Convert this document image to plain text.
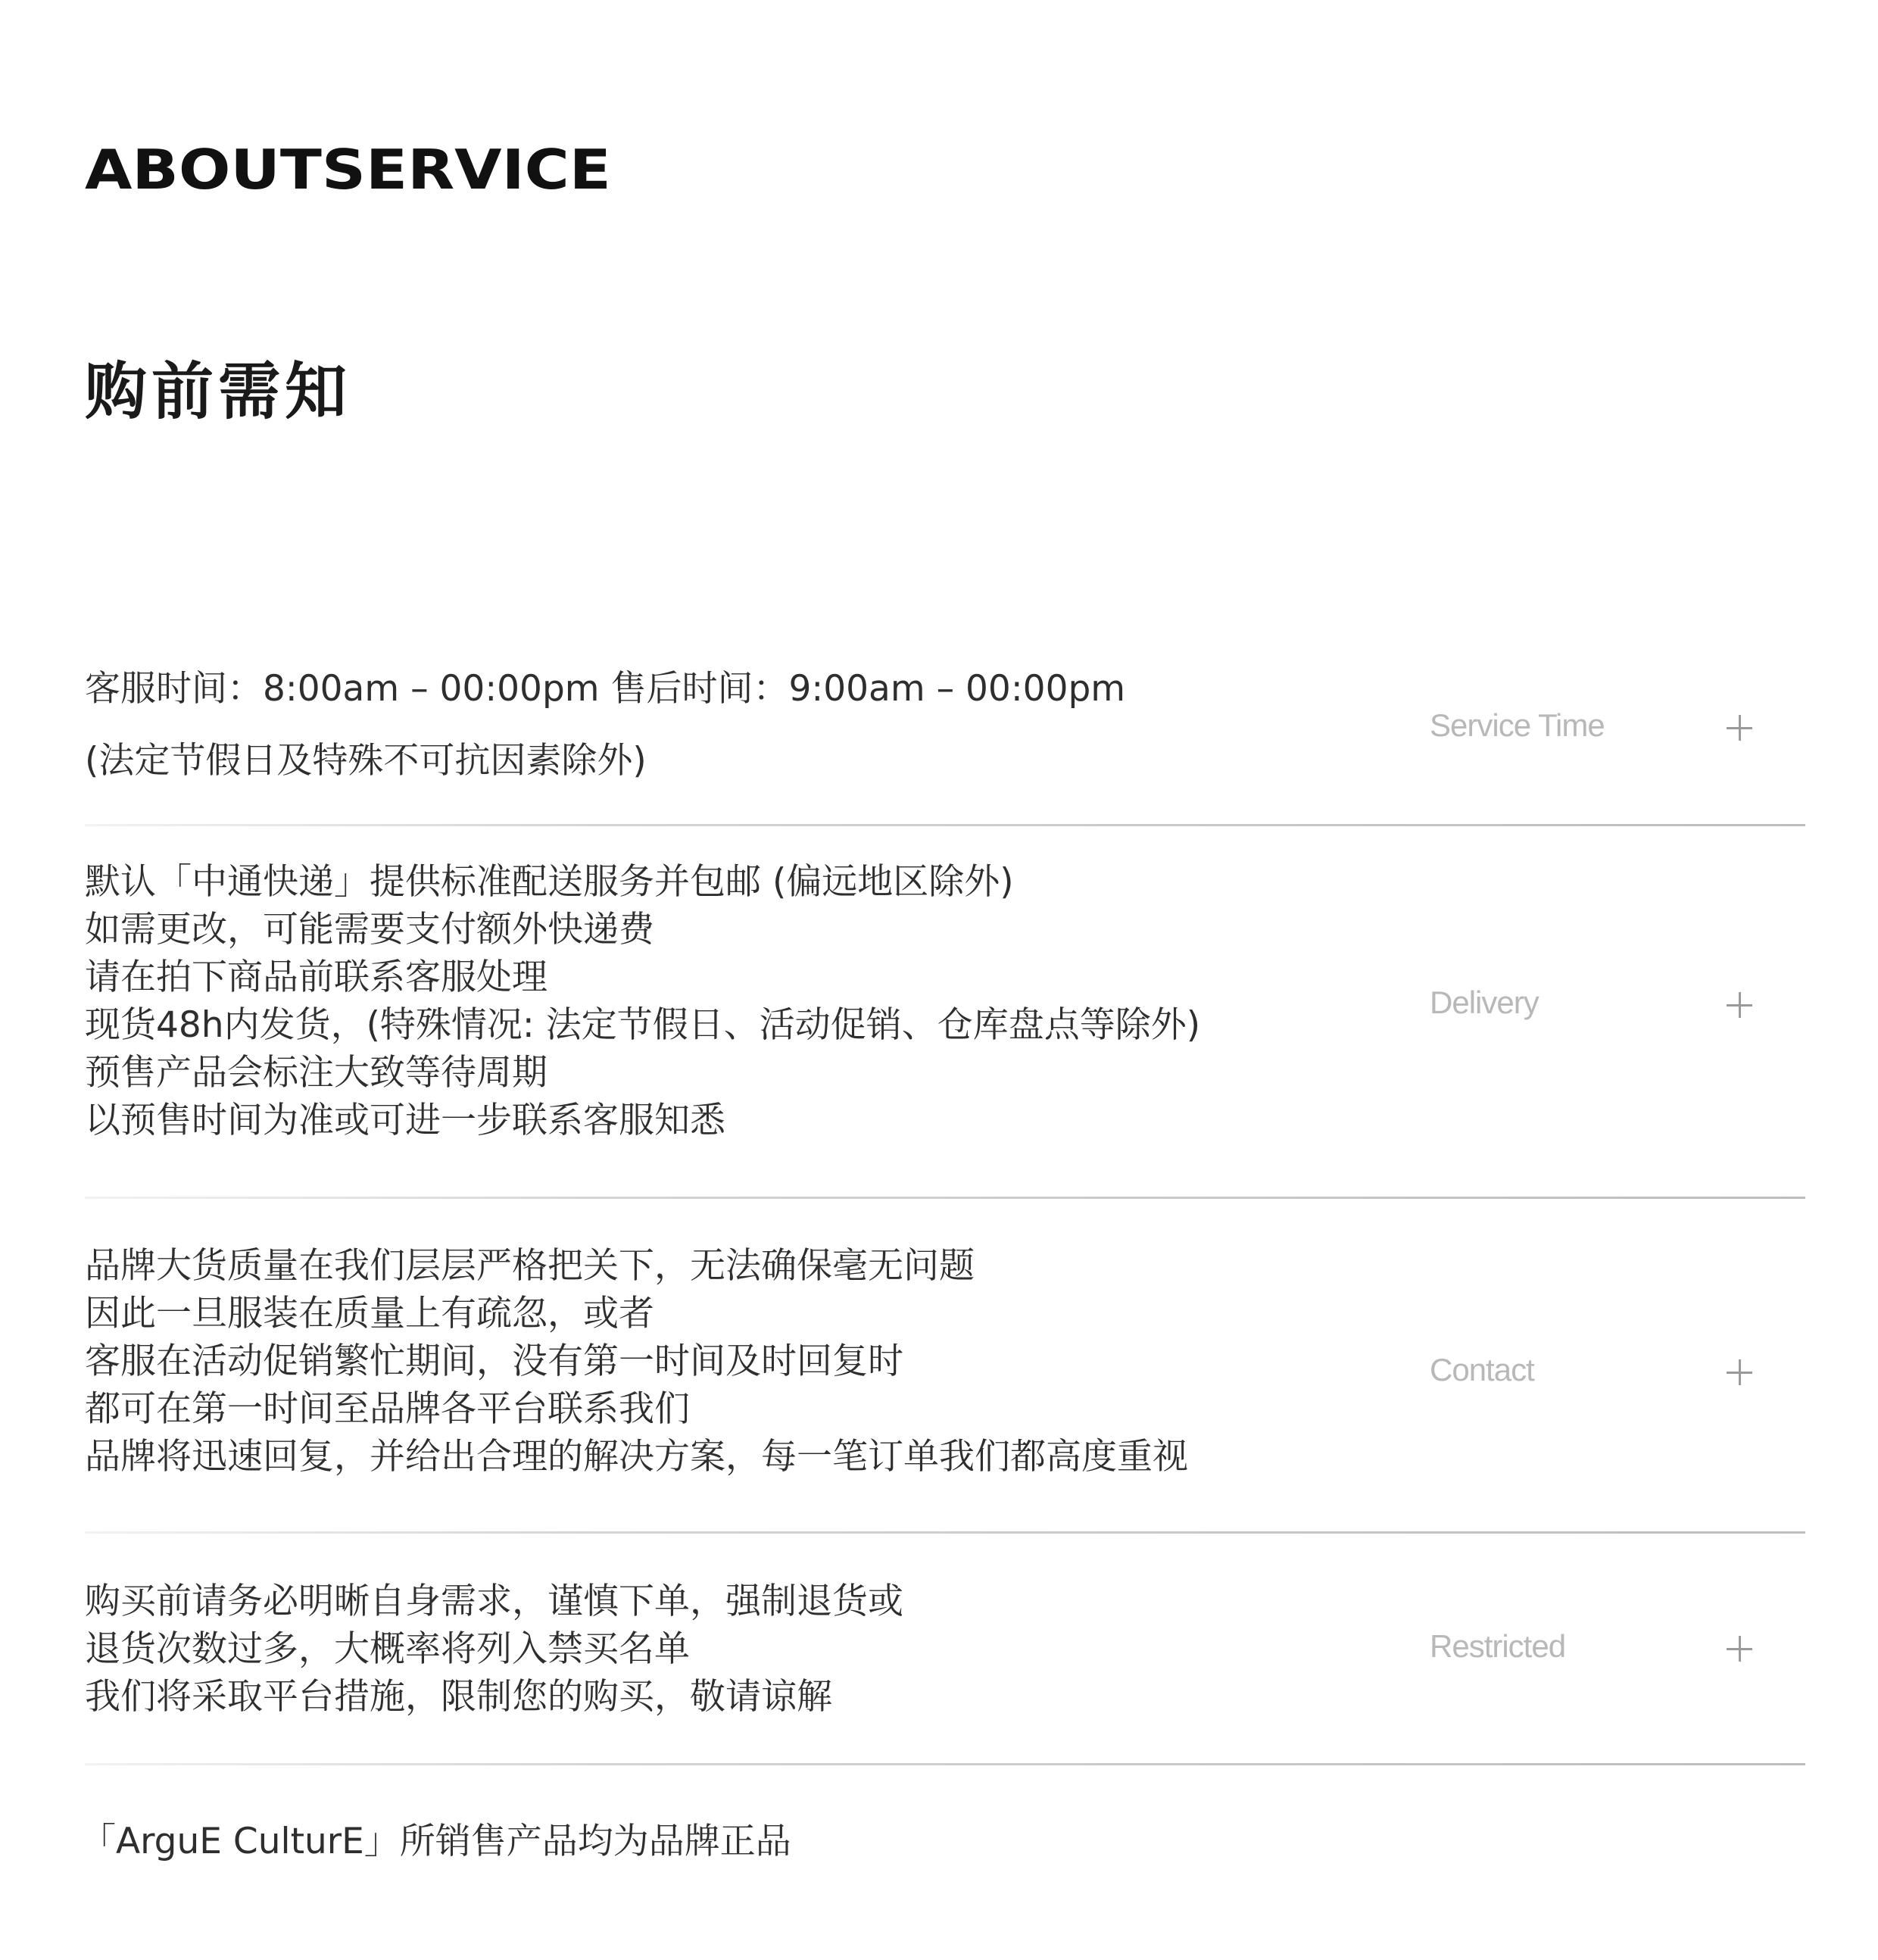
ABOUTSERVICE
购前需知
客服时间：8:00am – 00:00pm 售后时间：9:00am – 00:00pm
(法定节假日及特殊不可抗因素除外)
Service Time
默认「中通快递」提供标准配送服务并包邮 (偏远地区除外)
如需更改，可能需要支付额外快递费
请在拍下商品前联系客服处理
现货48h内发货，(特殊情况: 法定节假日、活动促销、仓库盘点等除外)
预售产品会标注大致等待周期
以预售时间为准或可进一步联系客服知悉
Delivery
品牌大货质量在我们层层严格把关下，无法确保毫无问题
因此一旦服装在质量上有疏忽，或者
客服在活动促销繁忙期间，没有第一时间及时回复时
都可在第一时间至品牌各平台联系我们
品牌将迅速回复，并给出合理的解决方案，每一笔订单我们都高度重视
Contact
购买前请务必明晰自身需求，谨慎下单，强制退货或
退货次数过多，大概率将列入禁买名单
我们将采取平台措施，限制您的购买，敬请谅解
Restricted

「ArguE CulturE」所销售产品均为品牌正品
